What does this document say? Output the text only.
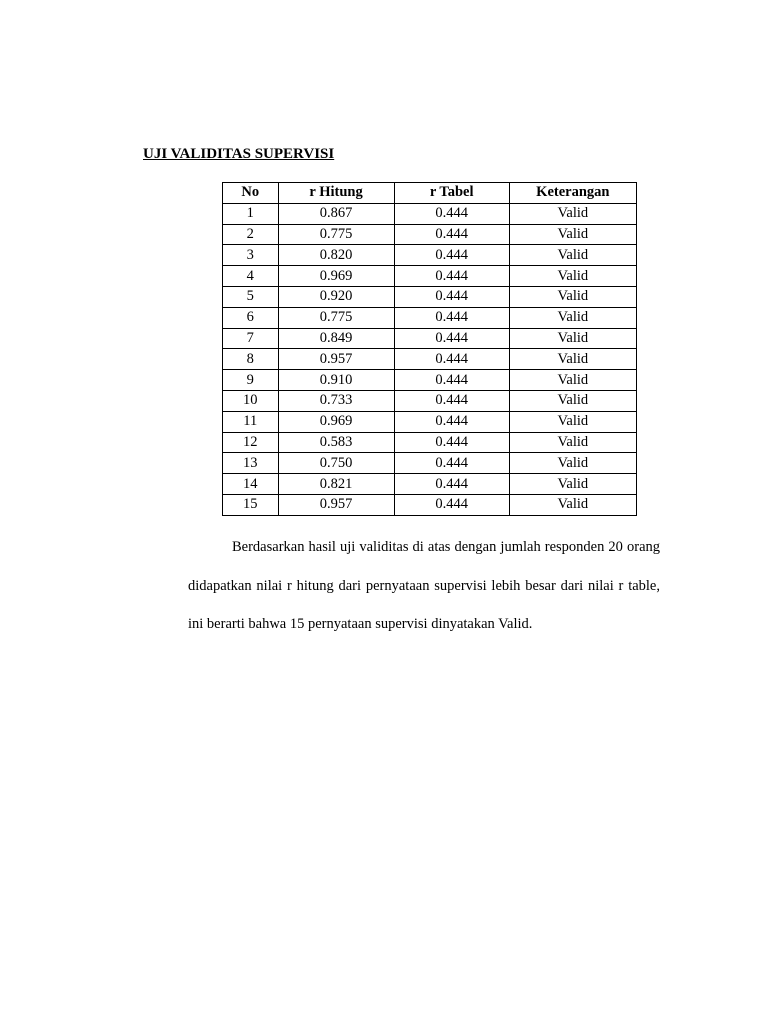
UJI VALIDITAS SUPERVISI
No	r Hitung	r Tabel	Keterangan
1	0.867	0.444	Valid
2	0.775	0.444	Valid
3	0.820	0.444	Valid
4	0.969	0.444	Valid
5	0.920	0.444	Valid
6	0.775	0.444	Valid
7	0.849	0.444	Valid
8	0.957	0.444	Valid
9	0.910	0.444	Valid
10	0.733	0.444	Valid
11	0.969	0.444	Valid
12	0.583	0.444	Valid
13	0.750	0.444	Valid
14	0.821	0.444	Valid
15	0.957	0.444	Valid
Berdasarkan hasil uji validitas di atas dengan jumlah responden 20 orang didapatkan nilai r hitung dari pernyataan supervisi lebih besar dari nilai r table, ini berarti bahwa 15 pernyataan supervisi dinyatakan Valid.
